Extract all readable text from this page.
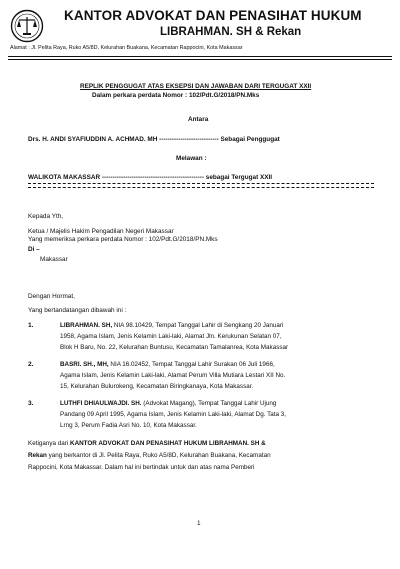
KANTOR ADVOKAT DAN PENASIHAT HUKUM
LIBRAHMAN. SH & Rekan
Alamat : Jl. Pelita Raya, Ruko A5/8D, Kelurahan Buakana, Kecamatan Rappocini, Kota Makassar
REPLIK PENGGUGAT ATAS EKSEPSI DAN JAWABAN DARI TERGUGAT XXII
Dalam perkara perdata Nomor : 102/Pdt.G/2018/PN.Mks
Antara
Drs. H. ANDI SYAFIUDDIN A. ACHMAD. MH ---------------------------- Sebagai Penggugat
Melawan :
WALIKOTA MAKASSAR ------------------------------------------------ sebagai Tergugat XXII
Kepada Yth,
Ketua / Majelis Hakim Pengadilan Negeri Makassar
Yang memeriksa perkara perdata Nomor : 102/Pdt.G/2018/PN.Mks
Di –
Makassar
Dengan Hormat,
Yang bertandatangan dibawah ini :
1.	LIBRAHMAN. SH, NIA 98.10429, Tempat Tanggal Lahir di Sengkang 20 Januari
1958, Agama Islam, Jenis Kelamin Laki-laki, Alamat Jln. Kerukunan Selatan 07,
Blok H Baru, No. 22, Kelurahan Buntusu, Kecamatan Tamalanrea, Kota Makassar
2.	BASRI. SH., MH, NIA 16.02452, Tempat Tanggal Lahir Surakan 06 Juli 1966,
Agama Islam, Jenis Kelamin Laki-laki, Alamat Perum Villa Mutiara Lestari XII No.
15, Kelurahan Bulurokeng, Kecamatan Biringkanaya, Kota Makassar.
3.	LUTHFI DHIAULWAJDI. SH. (Advokat Magang), Tempat Tanggal Lahir Ujung
Pandang 09 April 1995, Agama Islam, Jenis Kelamin Laki-laki, Alamat Dg. Tata 3,
Lrng 3, Perum Fadia Asri No. 10, Kota Makassar.
Ketiganya dari KANTOR ADVOKAT DAN PENASIHAT HUKUM LIBRAHMAN. SH &
Rekan yang berkantor di Jl. Pelita Raya, Ruko A5/8D, Kelurahan Buakana, Kecamatan
Rappocini, Kota Makassar. Dalam hal ini bertindak untuk dan atas nama Pemberi
1
